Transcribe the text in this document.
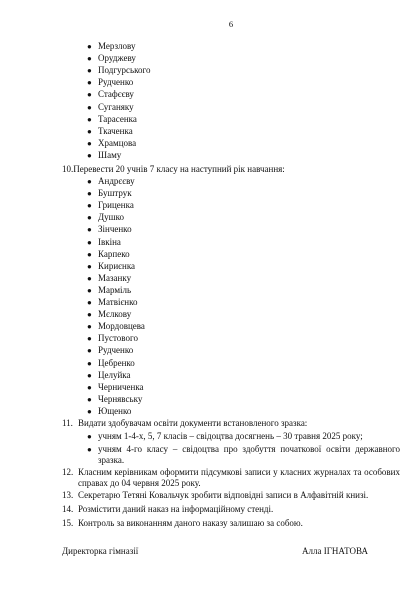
6
● Мерзлову
● Оруджеву
● Подгурського
● Рудченко
● Стафєєву
● Суганяку
● Тарасенка
● Ткаченка
● Храмцова
● Шаму
10.Перевести 20 учнів 7 класу на наступний рік навчання:
● Андрєєву
● Буштрук
● Гриценка
● Душко
● Зінченко
● Івкіна
● Карпеко
● Кириєнка
● Мазанку
● Марміль
● Матвієнко
● Мєлкову
● Мордовцева
● Пустового
● Рудченко
● Цебренко
● Целуйка
● Черниченка
● Чернявську
● Ющенко
11. Видати здобувачам освіти документи встановленого зразка:
● учням 1-4-х, 5, 7 класів – свідоцтва досягнень – 30 травня 2025 року;
● учням 4-го класу – свідоцтва про здобуття початкової освіти державного зразка.
12. Класним керівникам оформити підсумкові записи у класних журналах та особових справах до 04 червня 2025 року.
13. Секретарю Тетяні Ковальчук зробити відповідні записи в Алфавітній книзі.
14. Розмістити даний наказ на інформаційному стенді.
15. Контроль за виконанням даного наказу залишаю за собою.
Директорка гімназії	Алла ІГНАТОВА
